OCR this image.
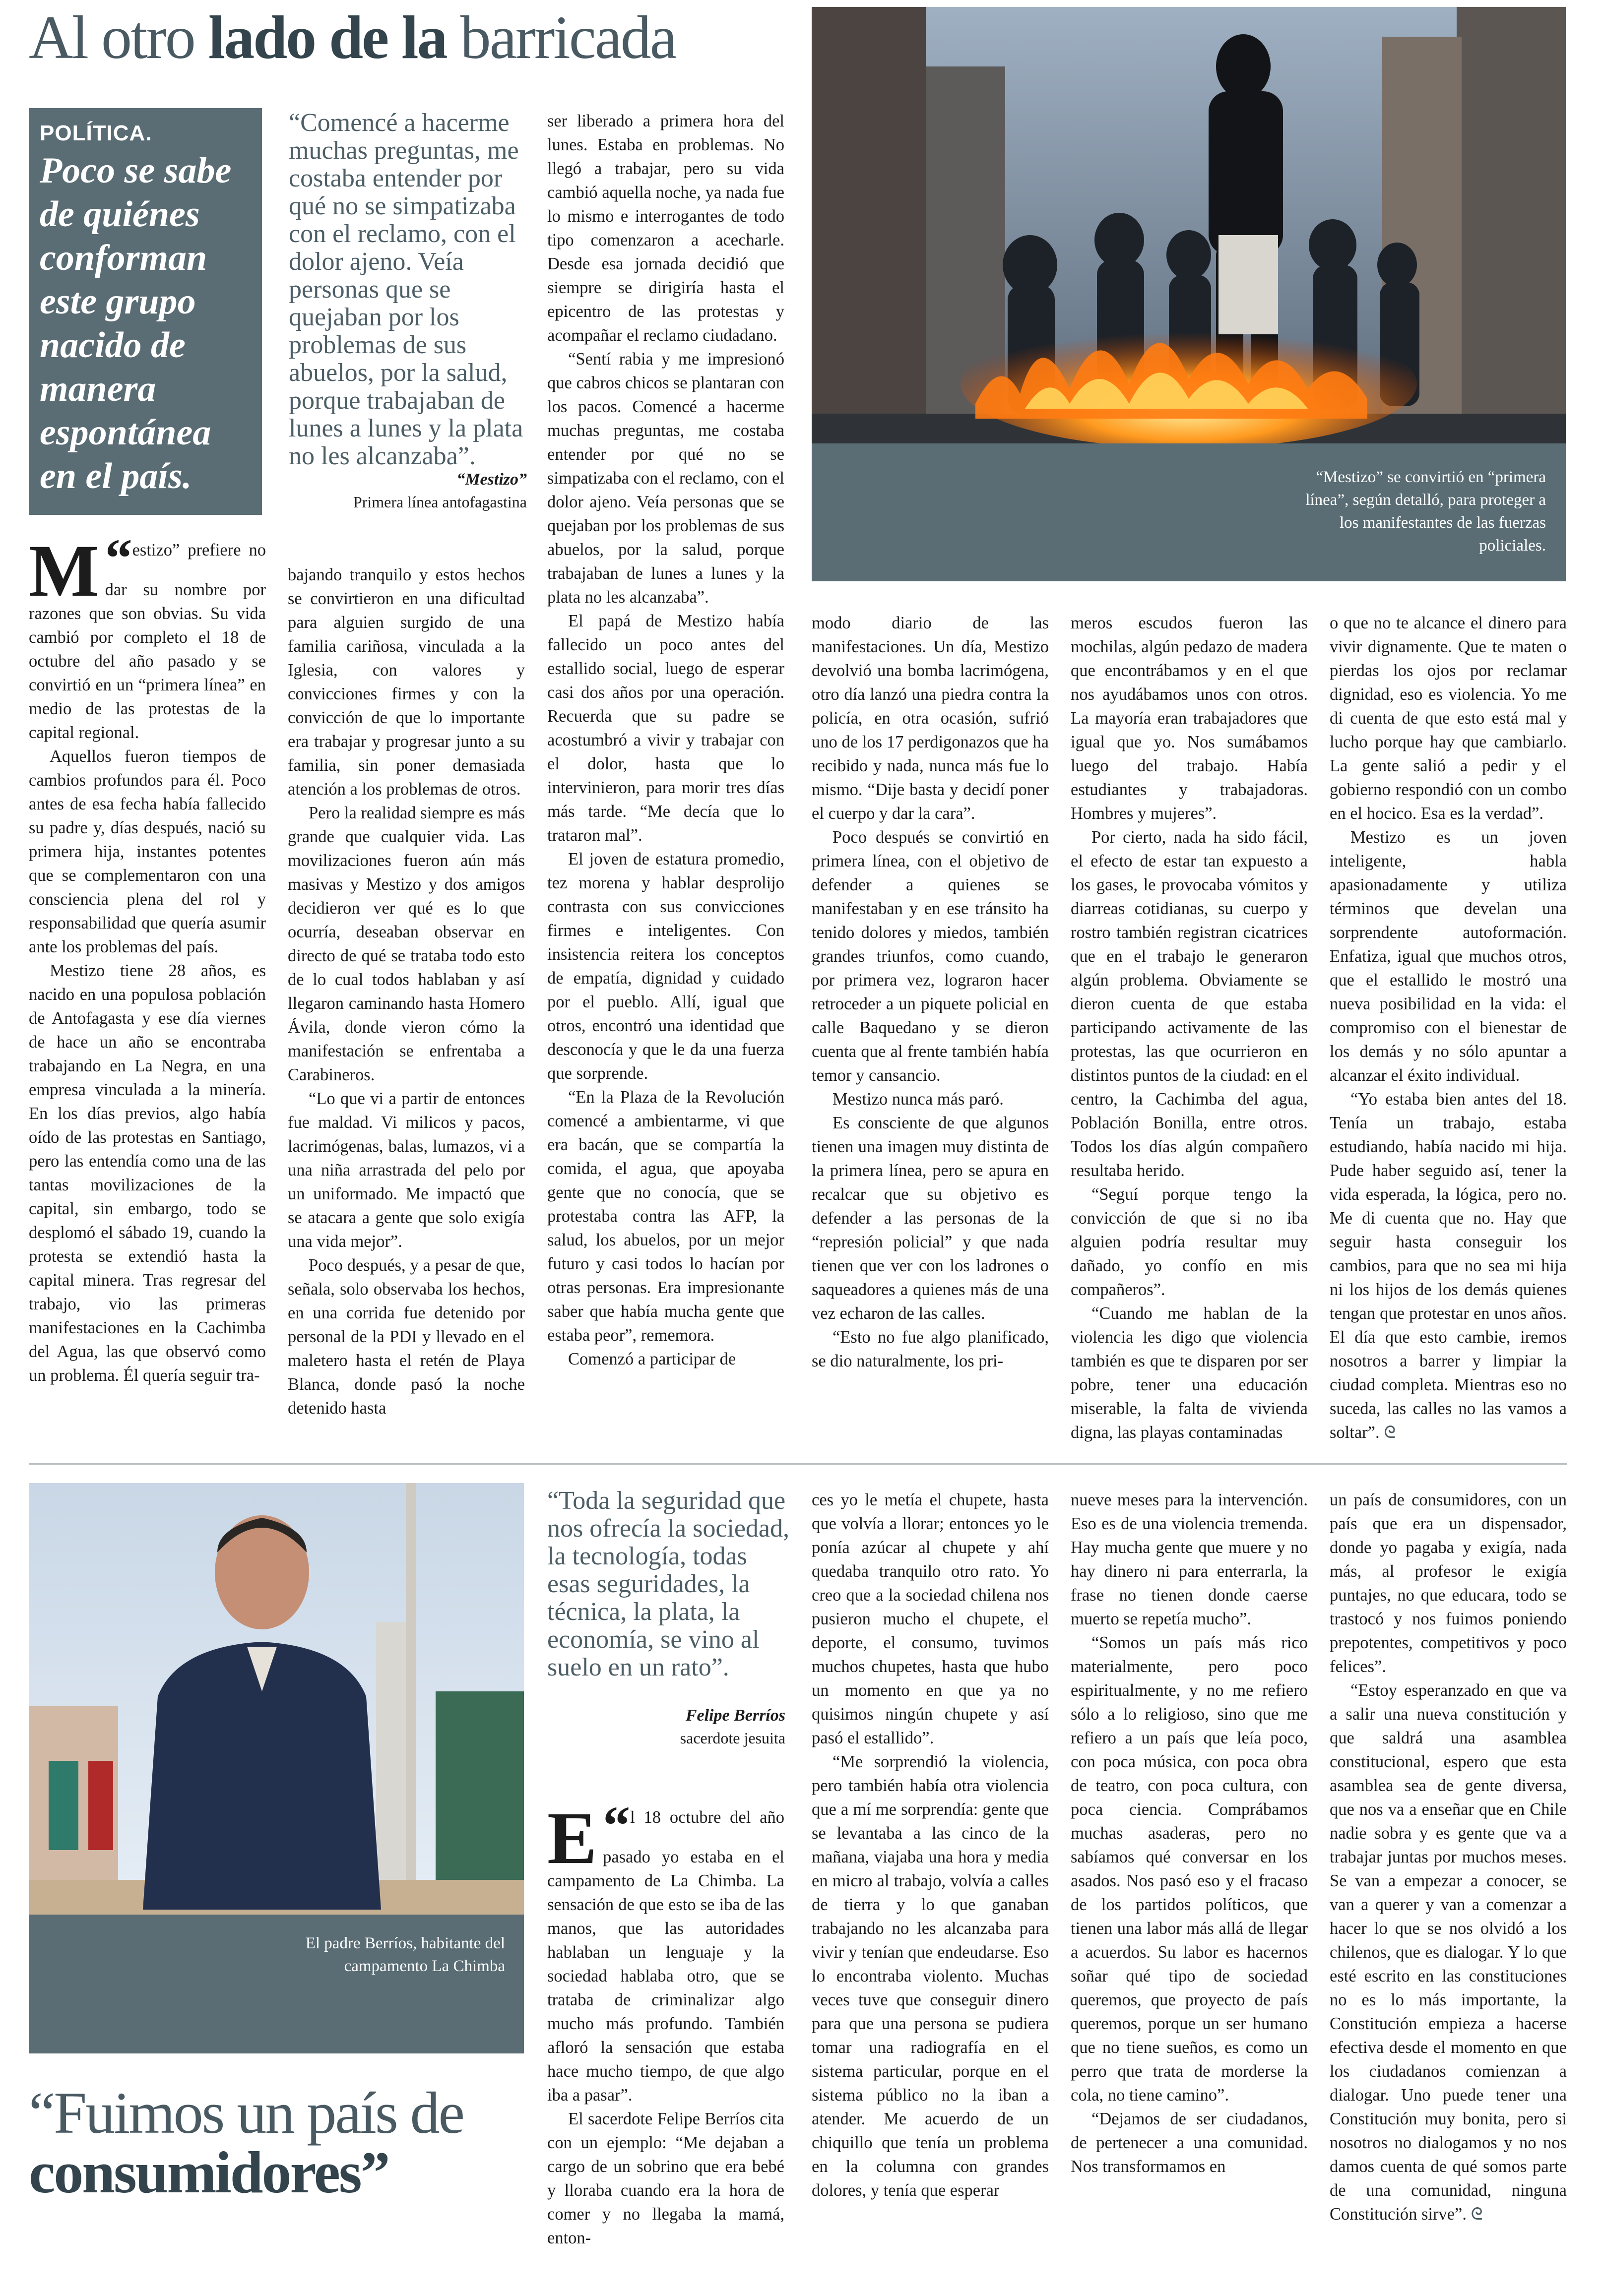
Al otro lado de la barricada
“Mestizo” se convirtió en “primera línea”, según detalló, para proteger a los manifestantes de las fuerzas policiales.
POLÍTICA.
Poco se sabe de quiénes conforman este grupo nacido de manera espontánea en el país.
“Comencé a hacerme muchas preguntas, me costaba entender por qué no se simpatizaba con el reclamo, con el dolor ajeno. Veía personas que se quejaban por los problemas de sus abuelos, por la salud, porque trabajaban de lunes a lunes y la plata no les alcanzaba”.
“Mestizo”
Primera línea antofagastina

“
M estizo” prefiere no dar su nombre por razones que son obvias. Su vida cambió por completo el 18 de octubre del año pasado y se convirtió en un “primera línea” en medio de las protestas de la capital regional.

Aquellos fueron tiempos de cambios profundos para él. Poco antes de esa fecha había fallecido su padre y, días después, nació su primera hija, instantes potentes que se complementaron con una consciencia plena del rol y responsabilidad que quería asumir ante los problemas del país.

Mestizo tiene 28 años, es nacido en una populosa población de Antofagasta y ese día viernes de hace un año se encontraba trabajando en La Negra, en una empresa vinculada a la minería. En los días previos, algo había oído de las protestas en Santiago, pero las entendía como una de las tantas movilizaciones de la capital, sin embargo, todo se desplomó el sábado 19, cuando la protesta se extendió hasta la capital minera. Tras regresar del trabajo, vio las primeras manifestaciones en la Cachimba del Agua, las que observó como un problema. Él quería seguir tra-

bajando tranquilo y estos hechos se convirtieron en una dificultad para alguien surgido de una familia cariñosa, vinculada a la Iglesia, con valores y convicciones firmes y con la convicción de que lo importante era trabajar y progresar junto a su familia, sin poner demasiada atención a los problemas de otros.

Pero la realidad siempre es más grande que cualquier vida. Las movilizaciones fueron aún más masivas y Mestizo y dos amigos decidieron ver qué es lo que ocurría, deseaban observar en directo de qué se trataba todo esto de lo cual todos hablaban y así llegaron caminando hasta Homero Ávila, donde vieron cómo la manifestación se enfrentaba a Carabineros.

“Lo que vi a partir de entonces fue maldad. Vi milicos y pacos, lacrimógenas, balas, lumazos, vi a una niña arrastrada del pelo por un uniformado. Me impactó que se atacara a gente que solo exigía una vida mejor”.

Poco después, y a pesar de que, señala, solo observaba los hechos, en una corrida fue detenido por personal de la PDI y llevado en el maletero hasta el retén de Playa Blanca, donde pasó la noche detenido hasta

ser liberado a primera hora del lunes. Estaba en problemas. No llegó a trabajar, pero su vida cambió aquella noche, ya nada fue lo mismo e interrogantes de todo tipo comenzaron a acecharle. Desde esa jornada decidió que siempre se dirigiría hasta el epicentro de las protestas y acompañar el reclamo ciudadano.

“Sentí rabia y me impresionó que cabros chicos se plantaran con los pacos. Comencé a hacerme muchas preguntas, me costaba entender por qué no se simpatizaba con el reclamo, con el dolor ajeno. Veía personas que se quejaban por los problemas de sus abuelos, por la salud, porque trabajaban de lunes a lunes y la plata no les alcanzaba”.

El papá de Mestizo había fallecido un poco antes del estallido social, luego de esperar casi dos años por una operación. Recuerda que su padre se acostumbró a vivir y trabajar con el dolor, hasta que lo intervinieron, para morir tres días más tarde. “Me decía que lo trataron mal”.

El joven de estatura promedio, tez morena y hablar desprolijo contrasta con sus convicciones firmes e inteligentes. Con insistencia reitera los conceptos de empatía, dignidad y cuidado por el pueblo. Allí, igual que otros, encontró una identidad que desconocía y que le da una fuerza que sorprende.

“En la Plaza de la Revolución comencé a ambientarme, vi que era bacán, que se compartía la comida, el agua, que apoyaba gente que no conocía, que se protestaba contra las AFP, la salud, los abuelos, por un mejor futuro y casi todos lo hacían por otras personas. Era impresionante saber que había mucha gente que estaba peor”, rememora.

Comenzó a participar de

modo diario de las manifestaciones. Un día, Mestizo devolvió una bomba lacrimógena, otro día lanzó una piedra contra la policía, en otra ocasión, sufrió uno de los 17 perdigonazos que ha recibido y nada, nunca más fue lo mismo. “Dije basta y decidí poner el cuerpo y dar la cara”.

Poco después se convirtió en primera línea, con el objetivo de defender a quienes se manifestaban y en ese tránsito ha tenido dolores y miedos, también grandes triunfos, como cuando, por primera vez, lograron hacer retroceder a un piquete policial en calle Baquedano y se dieron cuenta que al frente también había temor y cansancio.

Mestizo nunca más paró.

Es consciente de que algunos tienen una imagen muy distinta de la primera línea, pero se apura en recalcar que su objetivo es defender a las personas de la “represión policial” y que nada tienen que ver con los ladrones o saqueadores a quienes más de una vez echaron de las calles.

“Esto no fue algo planificado, se dio naturalmente, los pri-

meros escudos fueron las mochilas, algún pedazo de madera que encontrábamos y en el que nos ayudábamos unos con otros. La mayoría eran trabajadores que igual que yo. Nos sumábamos luego del trabajo. Había estudiantes y trabajadoras. Hombres y mujeres”.

Por cierto, nada ha sido fácil, el efecto de estar tan expuesto a los gases, le provocaba vómitos y diarreas cotidianas, su cuerpo y rostro también registran cicatrices que en el trabajo le generaron algún problema. Obviamente se dieron cuenta de que estaba participando activamente de las protestas, las que ocurrieron en distintos puntos de la ciudad: en el centro, la Cachimba del agua, Población Bonilla, entre otros. Todos los días algún compañero resultaba herido.

“Seguí porque tengo la convicción de que si no iba alguien podría resultar muy dañado, yo confío en mis compañeros”.

“Cuando me hablan de la violencia les digo que violencia también es que te disparen por ser pobre, tener una educación miserable, la falta de vivienda digna, las playas contaminadas

o que no te alcance el dinero para vivir dignamente. Que te maten o pierdas los ojos por reclamar dignidad, eso es violencia. Yo me di cuenta de que esto está mal y lucho porque hay que cambiarlo. La gente salió a pedir y el gobierno respondió con un combo en el hocico. Esa es la verdad”.

Mestizo es un joven inteligente, habla apasionadamente y utiliza términos que develan una sorprendente autoformación. Enfatiza, igual que muchos otros, que el estallido le mostró una nueva posibilidad en la vida: el compromiso con el bienestar de los demás y no sólo apuntar a alcanzar el éxito individual.

“Yo estaba bien antes del 18. Tenía un trabajo, estaba estudiando, había nacido mi hija. Pude haber seguido así, tener la vida esperada, la lógica, pero no. Me di cuenta que no. Hay que seguir hasta conseguir los cambios, para que no sea mi hija ni los hijos de los demás quienes tengan que protestar en unos años. El día que esto cambie, iremos nosotros a barrer y limpiar la ciudad completa. Mientras eso no suceda, las calles no las vamos a soltar”. ᘓ

El padre Berríos, habitante del campamento La Chimba
“Fuimos un país de consumidores”
“Toda la seguridad que nos ofrecía la sociedad, la tecnología, todas esas seguridades, la técnica, la plata, la economía, se vino al suelo en un rato”.
Felipe Berríos
sacerdote jesuita

“
E l 18 octubre del año pasado yo estaba en el campamento de La Chimba. La sensación de que esto se iba de las manos, que las autoridades hablaban un lenguaje y la sociedad hablaba otro, que se trataba de criminalizar algo mucho más profundo. También afloró la sensación que estaba hace mucho tiempo, de que algo iba a pasar”.

El sacerdote Felipe Berríos cita con un ejemplo: “Me dejaban a cargo de un sobrino que era bebé y lloraba cuando era la hora de comer y no llegaba la mamá, enton-

ces yo le metía el chupete, hasta que volvía a llorar; entonces yo le ponía azúcar al chupete y ahí quedaba tranquilo otro rato. Yo creo que a la sociedad chilena nos pusieron mucho el chupete, el deporte, el consumo, tuvimos muchos chupetes, hasta que hubo un momento en que ya no quisimos ningún chupete y así pasó el estallido”.

“Me sorprendió la violencia, pero también había otra violencia que a mí me sorprendía: gente que se levantaba a las cinco de la mañana, viajaba una hora y media en micro al trabajo, volvía a calles de tierra y lo que ganaban trabajando no les alcanzaba para vivir y tenían que endeudarse. Eso lo encontraba violento. Muchas veces tuve que conseguir dinero para que una persona se pudiera tomar una radiografía en el sistema particular, porque en el sistema público no la iban a atender. Me acuerdo de un chiquillo que tenía un problema en la columna con grandes dolores, y tenía que esperar

nueve meses para la intervención. Eso es de una violencia tremenda. Hay mucha gente que muere y no hay dinero ni para enterrarla, la frase no tienen donde caerse muerto se repetía mucho”.

“Somos un país más rico materialmente, pero poco espiritualmente, y no me refiero sólo a lo religioso, sino que me refiero a un país que leía poco, con poca música, con poca obra de teatro, con poca cultura, con poca ciencia. Comprábamos muchas asaderas, pero no sabíamos qué conversar en los asados. Nos pasó eso y el fracaso de los partidos políticos, que tienen una labor más allá de llegar a acuerdos. Su labor es hacernos soñar qué tipo de sociedad queremos, que proyecto de país queremos, porque un ser humano que no tiene sueños, es como un perro que trata de morderse la cola, no tiene camino”.

“Dejamos de ser ciudadanos, de pertenecer a una comunidad. Nos transformamos en

un país de consumidores, con un país que era un dispensador, donde yo pagaba y exigía, nada más, al profesor le exigía puntajes, no que educara, todo se trastocó y nos fuimos poniendo prepotentes, competitivos y poco felices”.

“Estoy esperanzado en que va a salir una nueva constitución y que saldrá una asamblea constitucional, espero que esta asamblea sea de gente diversa, que nos va a enseñar que en Chile nadie sobra y es gente que va a trabajar juntas por muchos meses. Se van a empezar a conocer, se van a querer y van a comenzar a hacer lo que se nos olvidó a los chilenos, que es dialogar. Y lo que esté escrito en las constituciones no es lo más importante, la Constitución empieza a hacerse efectiva desde el momento en que los ciudadanos comienzan a dialogar. Uno puede tener una Constitución muy bonita, pero si nosotros no dialogamos y no nos damos cuenta de qué somos parte de una comunidad, ninguna Constitución sirve”. ᘓ
